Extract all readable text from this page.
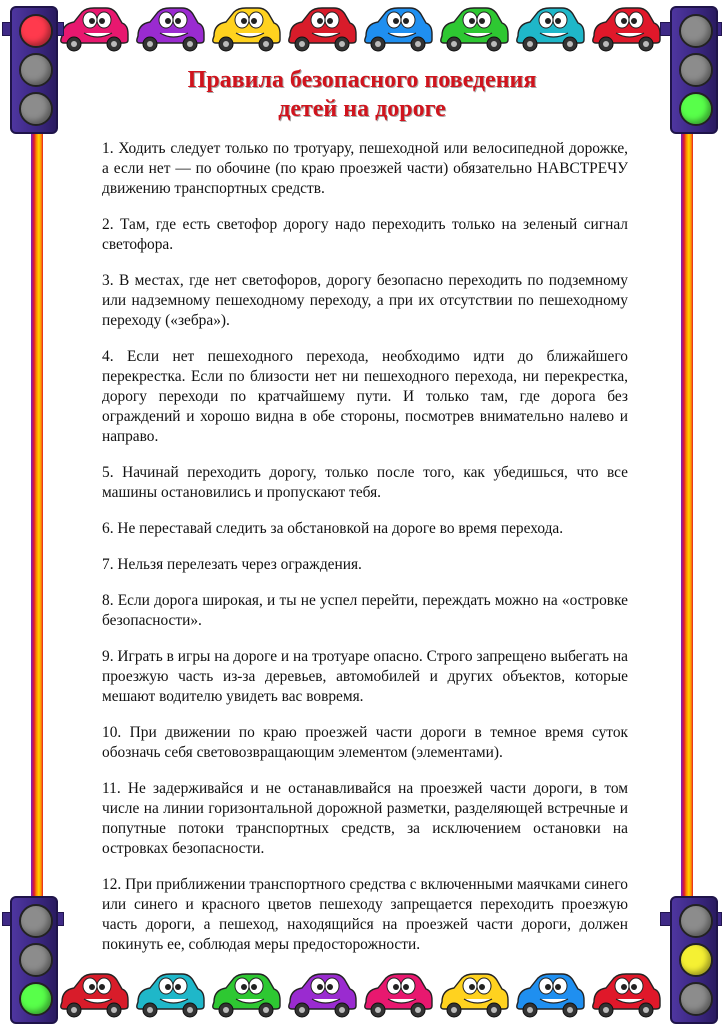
Правила безопасного поведения
детей на дороге

1. Ходить следует только по тротуару, пешеходной или велосипедной дорожке, а если нет — по обочине (по краю проезжей части) обязательно НАВСТРЕЧУ движению транспортных средств.

2. Там, где есть светофор дорогу надо переходить только на зеленый сигнал светофора.

3. В местах, где нет светофоров, дорогу безопасно переходить по подземному или надземному пешеходному переходу, а при их отсутствии по пешеходному переходу («зебра»).

4. Если нет пешеходного перехода, необходимо идти до ближайшего перекрестка. Если по близости нет ни пешеходного перехода, ни перекрестка, дорогу переходи по кратчайшему пути. И только там, где дорога без ограждений и хорошо видна в обе стороны, посмотрев внимательно налево и направо.

5. Начинай переходить дорогу, только после того, как убедишься, что все машины остановились и пропускают тебя.

6. Не переставай следить за обстановкой на дороге во время перехода.

7. Нельзя перелезать через ограждения.

8. Если дорога широкая, и ты не успел перейти, переждать можно на «островке безопасности».

9. Играть в игры на дороге и на тротуаре опасно. Строго запрещено выбегать на проезжую часть из-за деревьев, автомобилей и других объектов, которые мешают водителю увидеть вас вовремя.

10. При движении по краю проезжей части дороги в темное время суток обозначь себя световозвращающим элементом (элементами).

11. Не задерживайся и не останавливайся на проезжей части дороги, в том числе на линии горизонтальной дорожной разметки, разделяющей встречные и попутные потоки транспортных средств, за исключением остановки на островках безопасности.

12. При приближении транспортного средства с включенными маячками синего или синего и красного цветов пешеходу запрещается переходить проезжую часть дороги, а пешеход, находящийся на проезжей части дороги, должен покинуть ее, соблюдая меры предосторожности.
